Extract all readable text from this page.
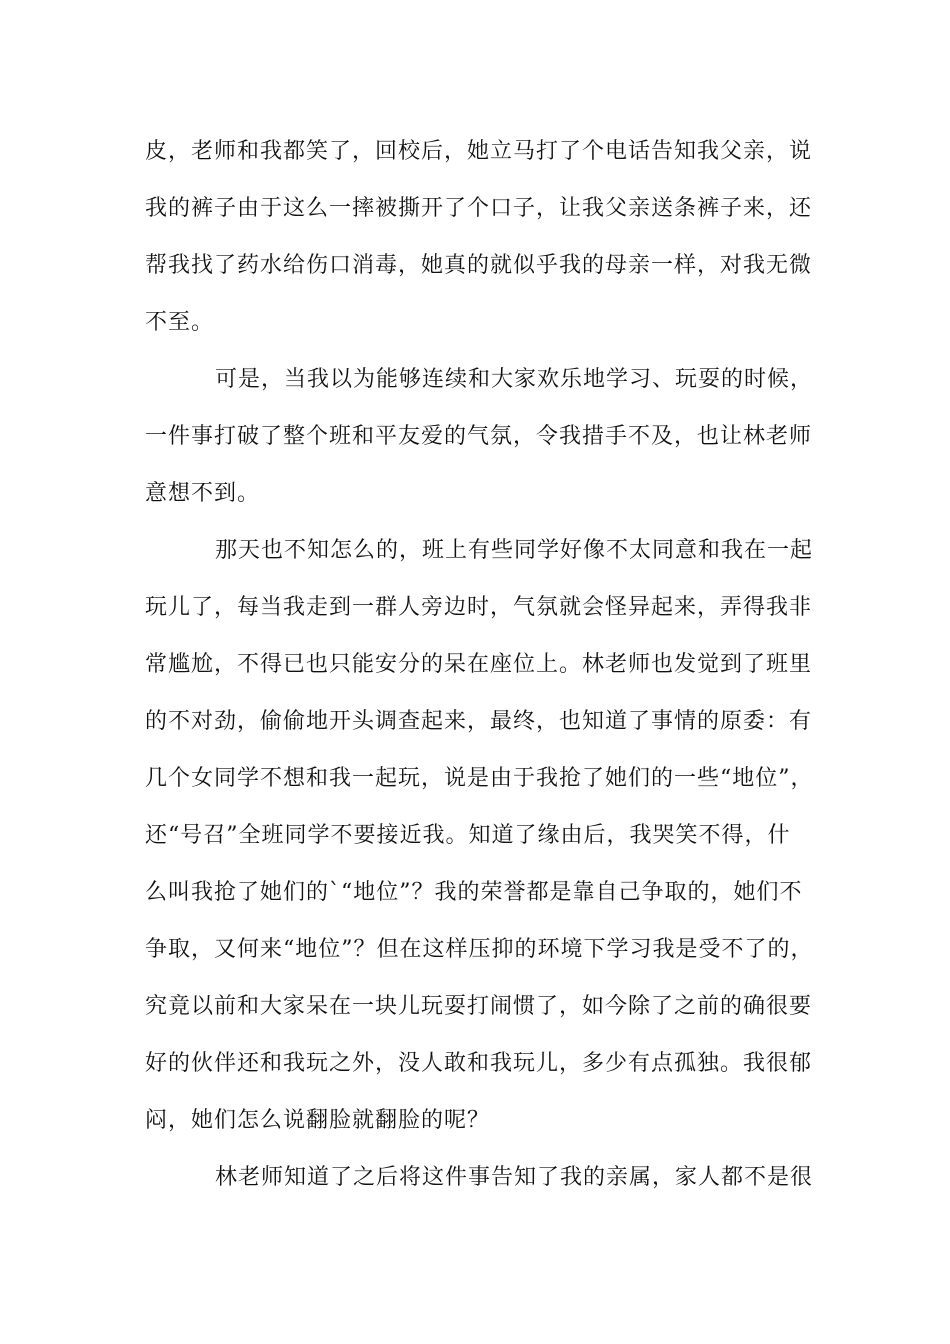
皮，老师和我都笑了，回校后，她立马打了个电话告知我父亲，说
我的裤子由于这么一摔被撕开了个口子，让我父亲送条裤子来，还
帮我找了药水给伤口消毒，她真的就似乎我的母亲一样，对我无微
不至。
可是，当我以为能够连续和大家欢乐地学习、玩耍的时候，
一件事打破了整个班和平友爱的气氛，令我措手不及，也让林老师
意想不到。
那天也不知怎么的，班上有些同学好像不太同意和我在一起
玩儿了，每当我走到一群人旁边时，气氛就会怪异起来，弄得我非
常尴尬，不得已也只能安分的呆在座位上。林老师也发觉到了班里
的不对劲，偷偷地开头调查起来，最终，也知道了事情的原委：有
几个女同学不想和我一起玩，说是由于我抢了她们的一些“地位”，
还“号召”全班同学不要接近我。知道了缘由后，我哭笑不得，什
么叫我抢了她们的`“地位”？我的荣誉都是靠自己争取的，她们不
争取，又何来“地位”？但在这样压抑的环境下学习我是受不了的，
究竟以前和大家呆在一块儿玩耍打闹惯了，如今除了之前的确很要
好的伙伴还和我玩之外，没人敢和我玩儿，多少有点孤独。我很郁
闷，她们怎么说翻脸就翻脸的呢？
林老师知道了之后将这件事告知了我的亲属，家人都不是很
